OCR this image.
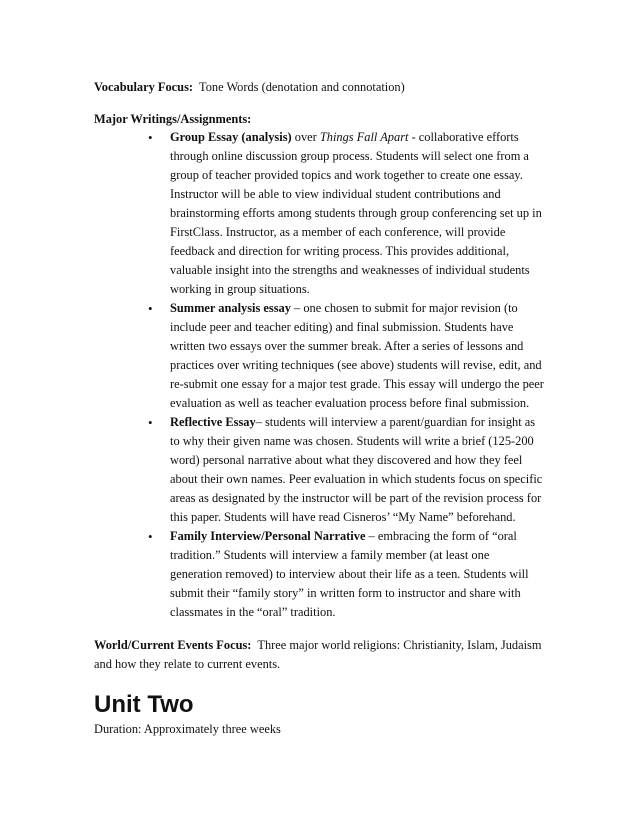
Vocabulary Focus: Tone Words (denotation and connotation)

Major Writings/Assignments:

• Group Essay (analysis) over Things Fall Apart - collaborative efforts through online discussion group process. Students will select one from a group of teacher provided topics and work together to create one essay. Instructor will be able to view individual student contributions and brainstorming efforts among students through group conferencing set up in FirstClass. Instructor, as a member of each conference, will provide feedback and direction for writing process. This provides additional, valuable insight into the strengths and weaknesses of individual students working in group situations.
• Summer analysis essay – one chosen to submit for major revision (to include peer and teacher editing) and final submission. Students have written two essays over the summer break. After a series of lessons and practices over writing techniques (see above) students will revise, edit, and re-submit one essay for a major test grade. This essay will undergo the peer evaluation as well as teacher evaluation process before final submission.
• Reflective Essay– students will interview a parent/guardian for insight as to why their given name was chosen. Students will write a brief (125-200 word) personal narrative about what they discovered and how they feel about their own names. Peer evaluation in which students focus on specific areas as designated by the instructor will be part of the revision process for this paper. Students will have read Cisneros’ “My Name” beforehand.
• Family Interview/Personal Narrative – embracing the form of “oral tradition.” Students will interview a family member (at least one generation removed) to interview about their life as a teen. Students will submit their “family story” in written form to instructor and share with classmates in the “oral” tradition.

World/Current Events Focus: Three major world religions: Christianity, Islam, Judaism and how they relate to current events.

Unit Two

Duration: Approximately three weeks
